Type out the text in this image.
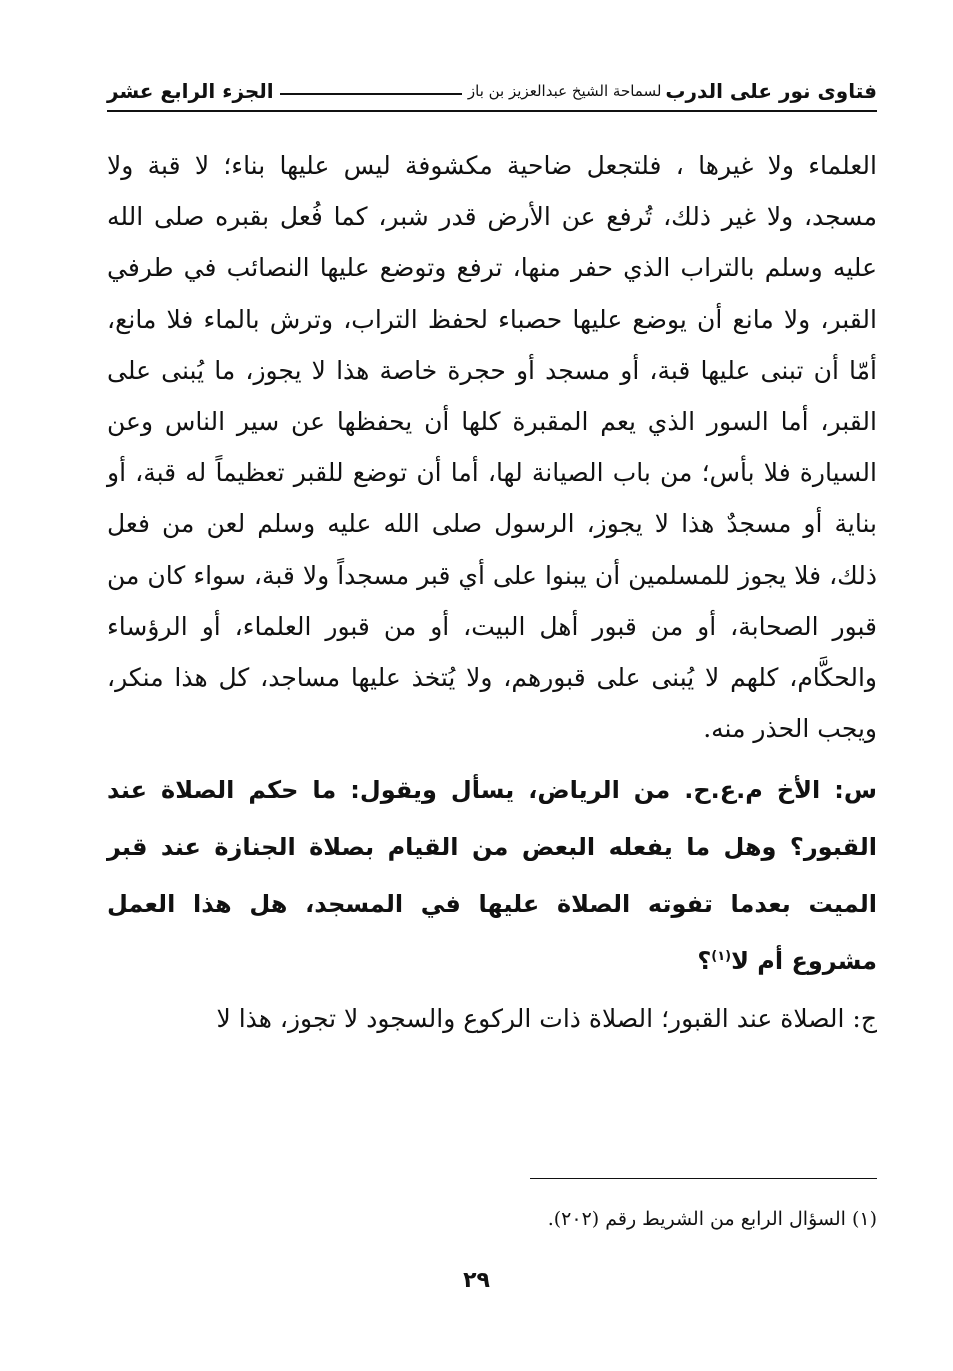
فتاوى نور على الدرب
لسماحة الشيخ عبدالعزيز بن باز
الجزء الرابع عشر

العلماء ولا غيرها ، فلتجعل ضاحية مكشوفة ليس عليها بناء؛ لا قبة ولا مسجد، ولا غير ذلك، تُرفع عن الأرض قدر شبر، كما فُعل بقبره صلى الله عليه وسلم بالتراب الذي حفر منها، ترفع وتوضع عليها النصائب في طرفي القبر، ولا مانع أن يوضع عليها حصباء لحفظ التراب، وترش بالماء فلا مانع، أمّا أن تبنى عليها قبة، أو مسجد أو حجرة خاصة هذا لا يجوز، ما يُبنى على القبر، أما السور الذي يعم المقبرة كلها أن يحفظها عن سير الناس وعن السيارة فلا بأس؛ من باب الصيانة لها، أما أن توضع للقبر تعظيماً له قبة، أو بناية أو مسجدٌ هذا لا يجوز، الرسول صلى الله عليه وسلم لعن من فعل ذلك، فلا يجوز للمسلمين أن يبنوا على أي قبر مسجداً ولا قبة، سواء كان من قبور الصحابة، أو من قبور أهل البيت، أو من قبور العلماء، أو الرؤساء والحكَّام، كلهم لا يُبنى على قبورهم، ولا يُتخذ عليها مساجد، كل هذا منكر، ويجب الحذر منه.

س: الأخ م.ع.ح. من الرياض، يسأل ويقول: ما حكم الصلاة عند القبور؟ وهل ما يفعله البعض من القيام بصلاة الجنازة عند قبر الميت بعدما تفوته الصلاة عليها في المسجد، هل هذا العمل مشروع أم لا$^{(١)}$؟

ج: الصلاة عند القبور؛ الصلاة ذات الركوع والسجود لا تجوز، هذا لا

(١) السؤال الرابع من الشريط رقم (٢٠٢).
٢٩
